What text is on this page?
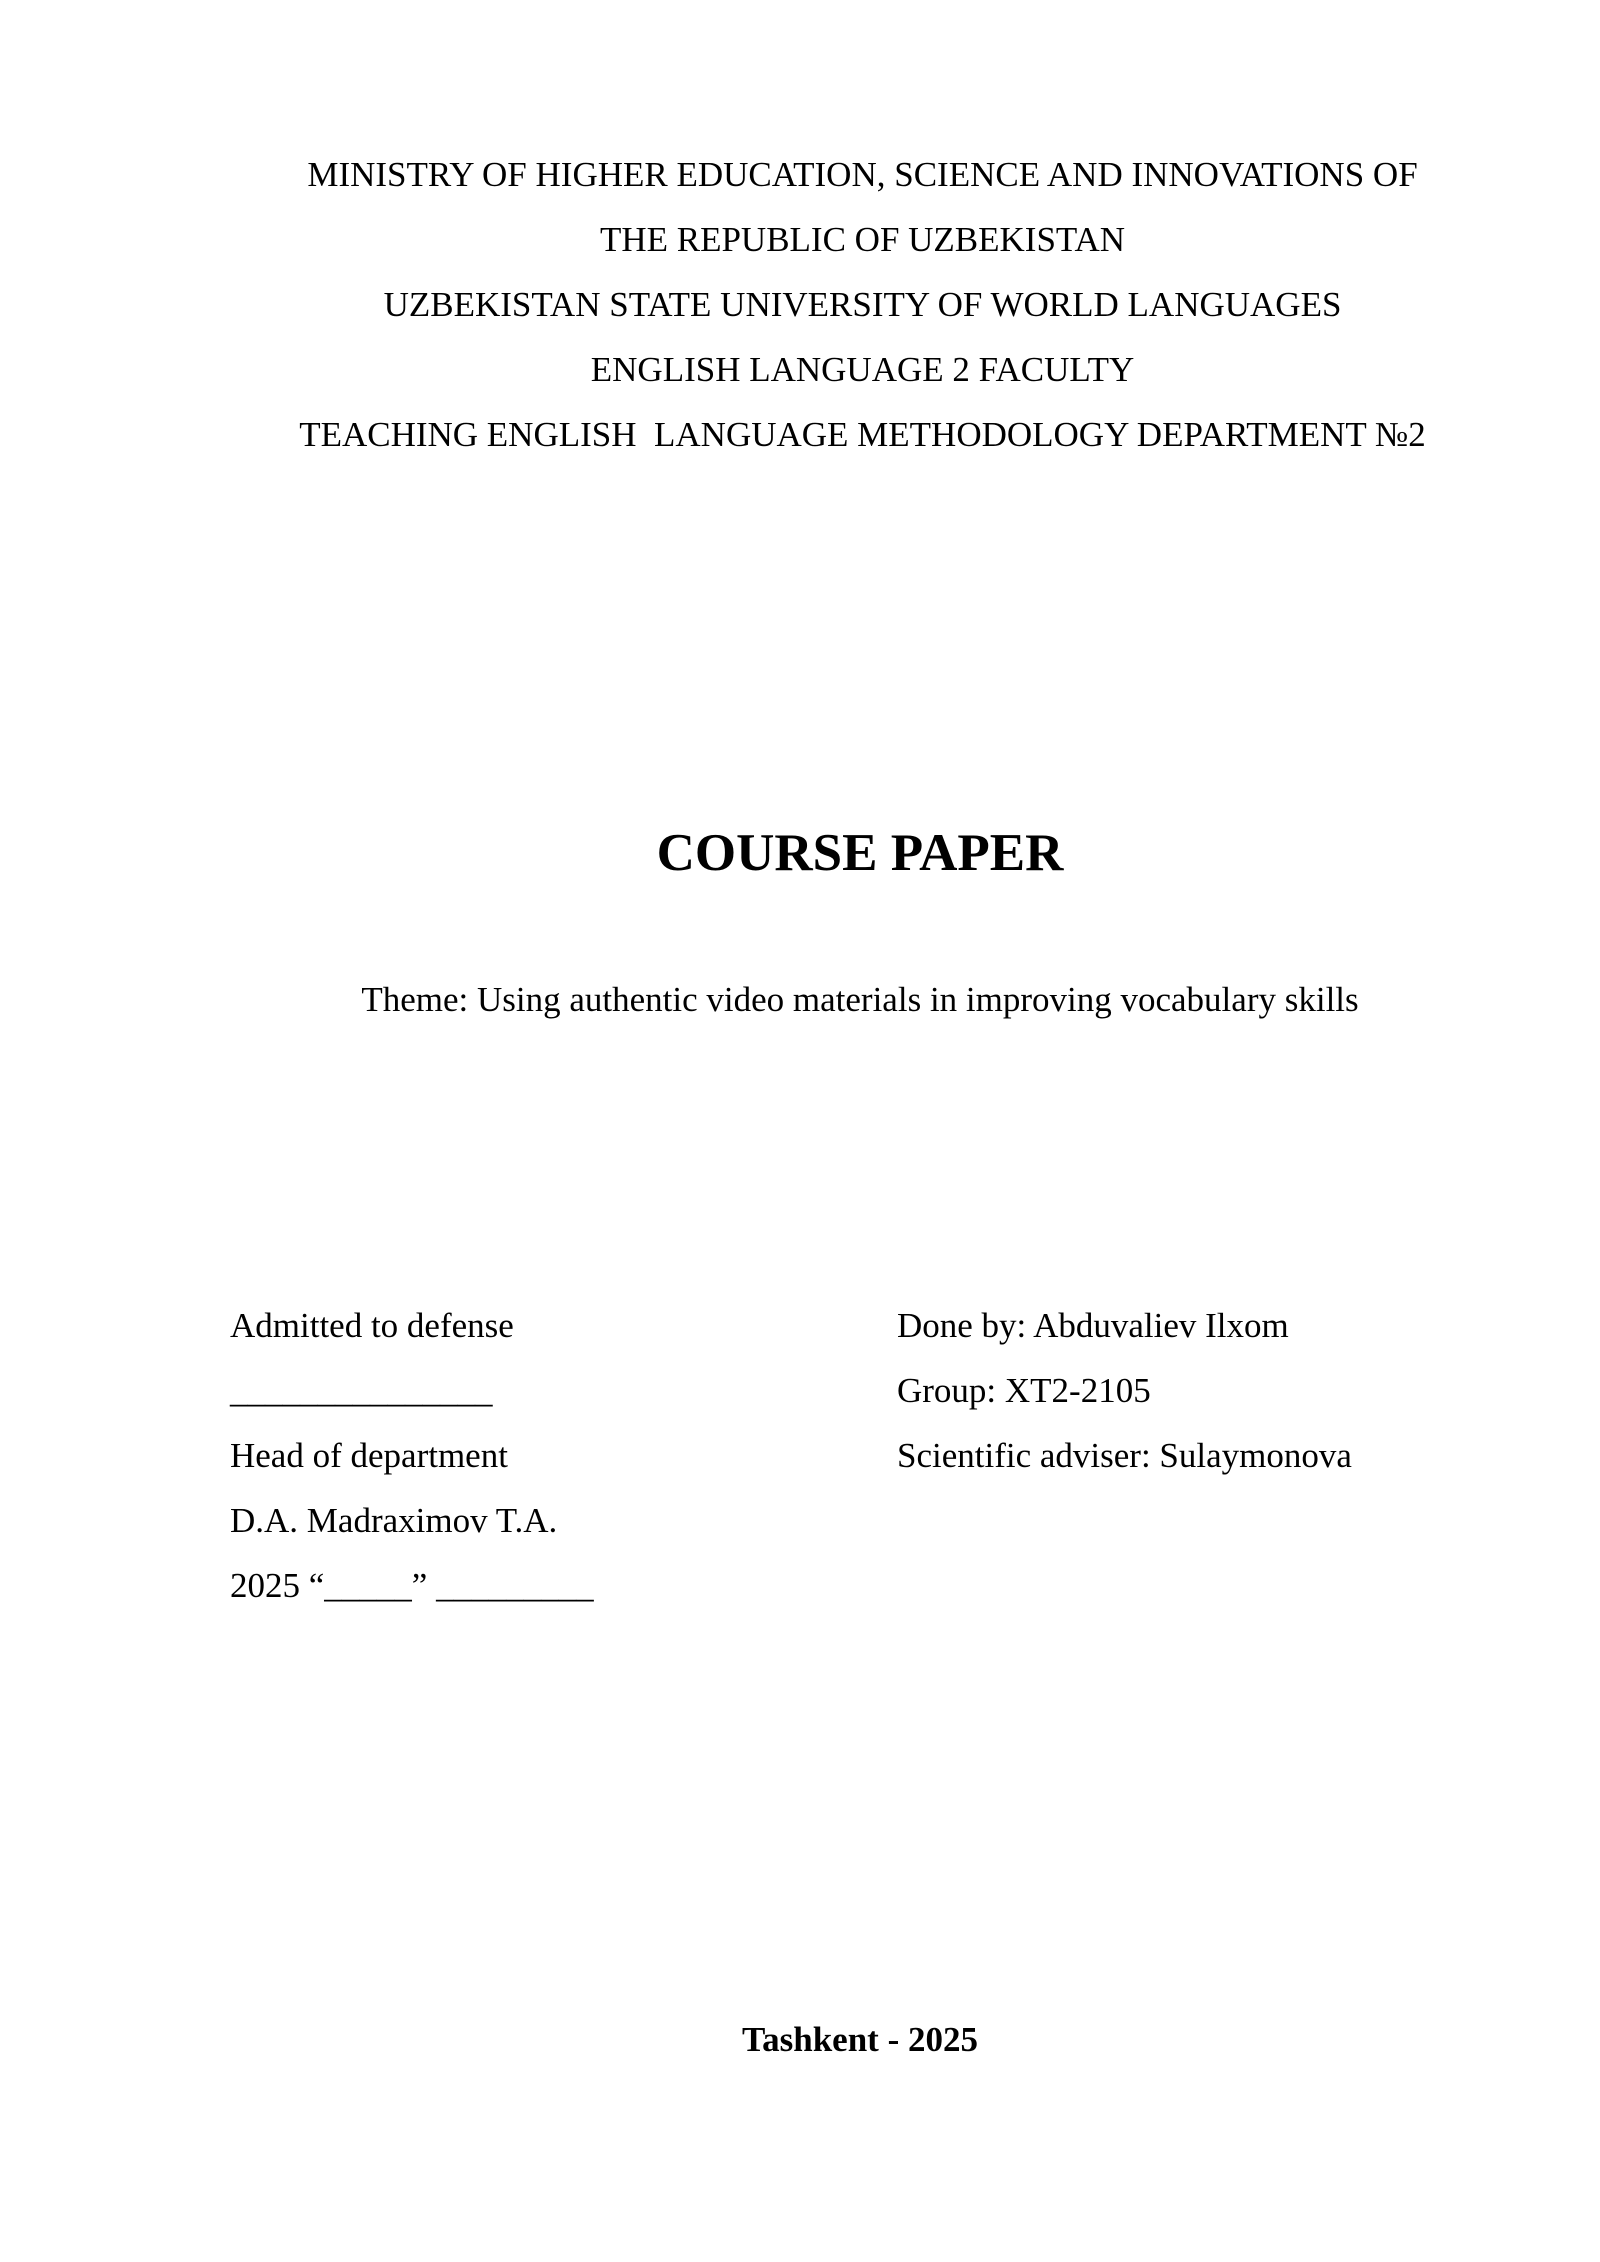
MINISTRY OF HIGHER EDUCATION, SCIENCE AND INNOVATIONS OF
THE REPUBLIC OF UZBEKISTAN
UZBEKISTAN STATE UNIVERSITY OF WORLD LANGUAGES
ENGLISH LANGUAGE 2 FACULTY
TEACHING ENGLISH  LANGUAGE METHODOLOGY DEPARTMENT №2
COURSE PAPER
Theme: Using authentic video materials in improving vocabulary skills
Admitted to defense
_______________
Head of department
D.A. Madraximov T.A.
2025 “_____” _________
Done by: Abduvaliev Ilxom
Group: XT2-2105
Scientific adviser: Sulaymonova
Tashkent - 2025
